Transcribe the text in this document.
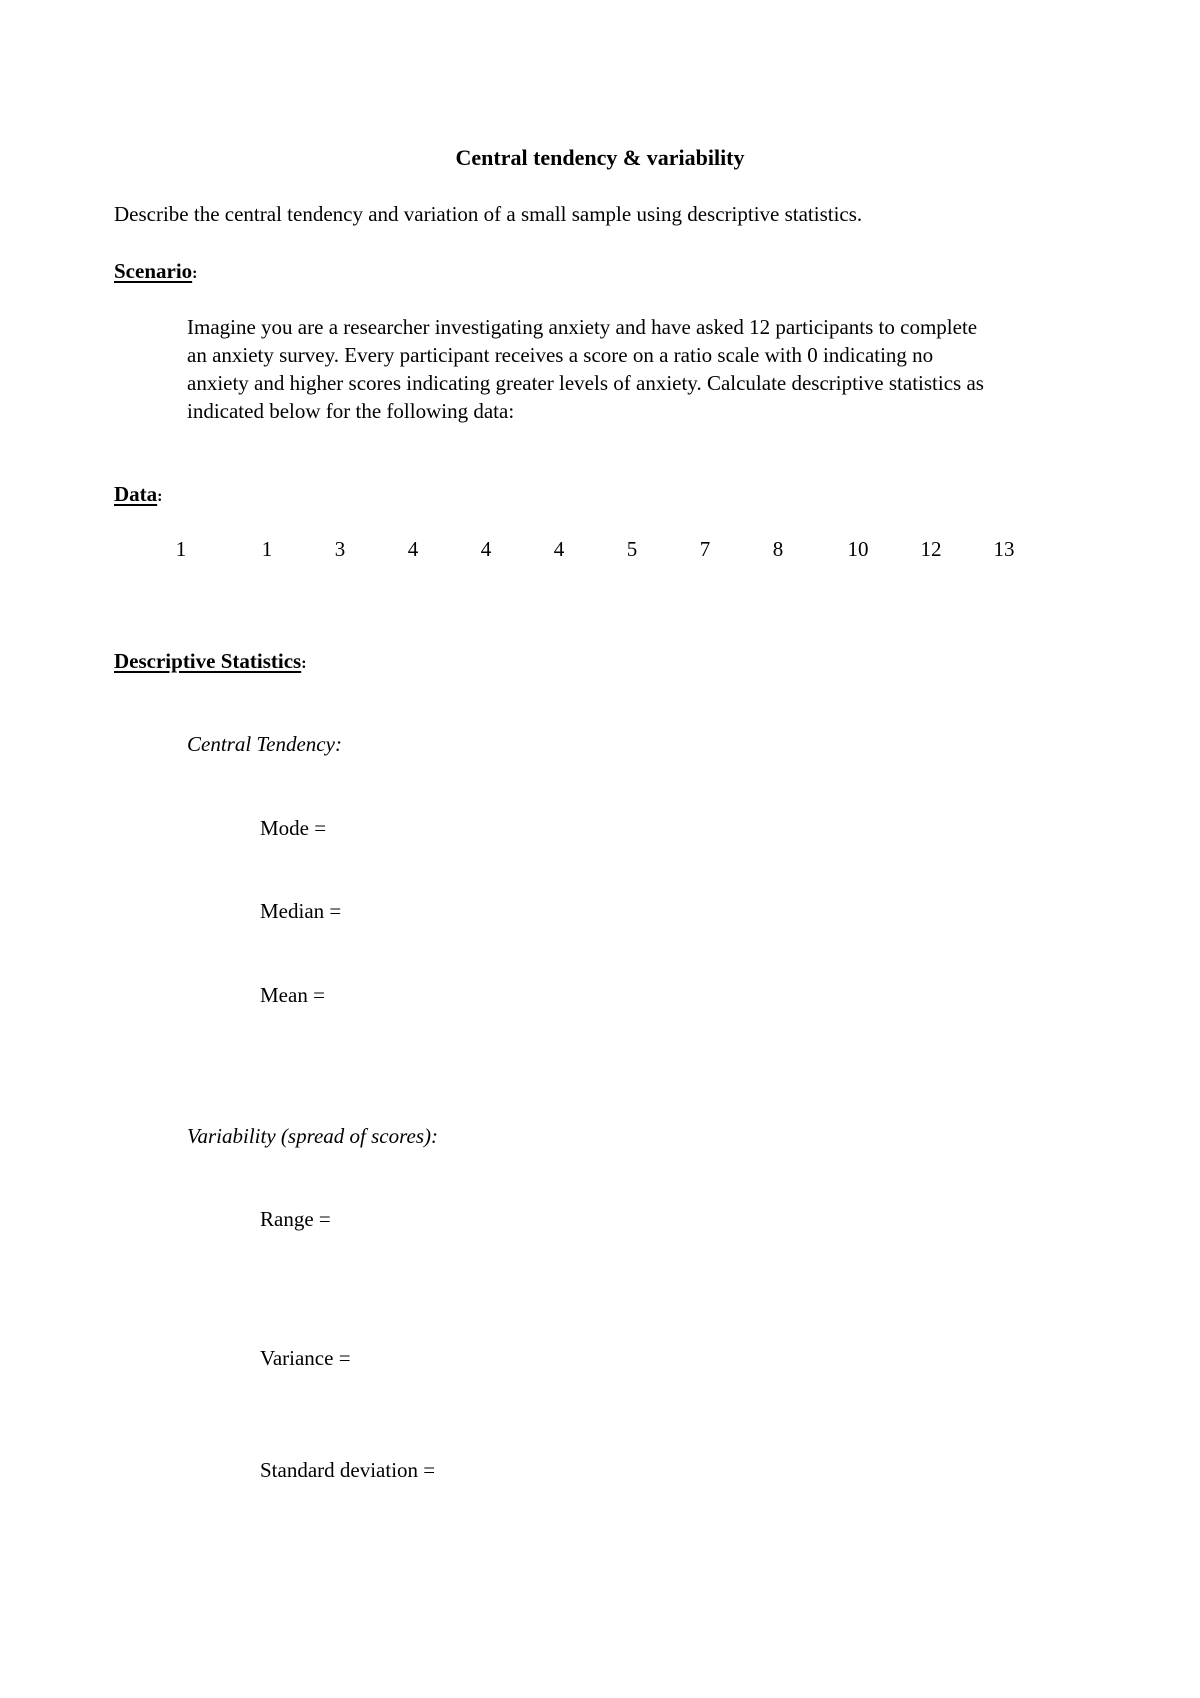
Central tendency & variability
Describe the central tendency and variation of a small sample using descriptive statistics.
Scenario:
Imagine you are a researcher investigating anxiety and have asked 12 participants to complete
an anxiety survey. Every participant receives a score on a ratio scale with 0 indicating no
anxiety and higher scores indicating greater levels of anxiety. Calculate descriptive statistics as
indicated below for the following data:
Data:
1	1	3	4	4	4	5	7	8	10 12 13
Descriptive Statistics:
Central Tendency:
Mode =
Median =
Mean =
Variability (spread of scores):
Range =
Variance =
Standard deviation =
